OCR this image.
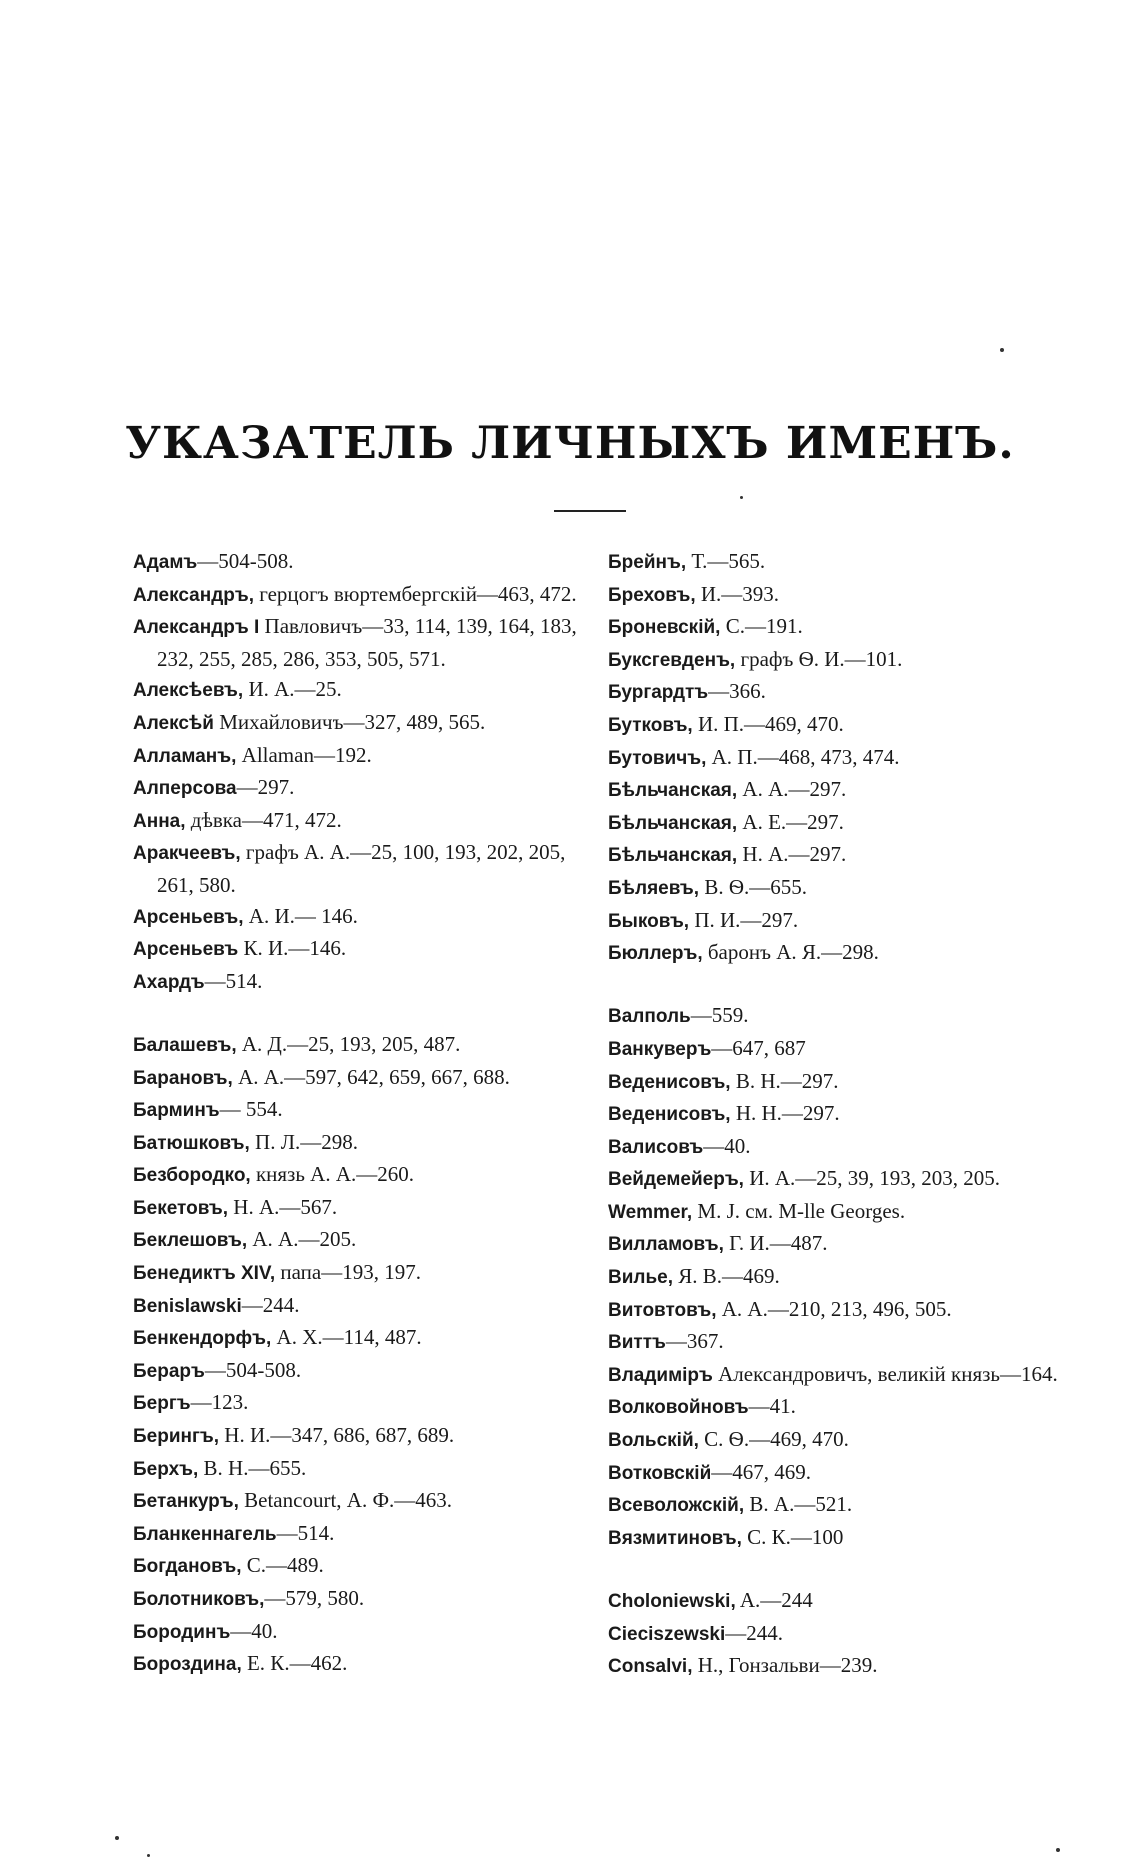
УКАЗАТЕЛЬ ЛИЧНЫХЪ ИМЕНЪ.
Адамъ—504-508.
Александръ, герцогъ вюртембергскій—463, 472.
Александръ I Павловичъ—33, 114, 139, 164, 183, 232, 255, 285, 286, 353, 505, 571.
Алексѣевъ, И. А.—25.
Алексѣй Михайловичъ—327, 489, 565.
Алламанъ, Allaman—192.
Алперсова—297.
Анна, дѣвка—471, 472.
Аракчеевъ, графъ А. А.—25, 100, 193, 202, 205, 261, 580.
Арсеньевъ, А. И.— 146.
Арсеньевъ К. И.—146.
Ахардъ—514.
Балашевъ, А. Д.—25, 193, 205, 487.
Барановъ, А. А.—597, 642, 659, 667, 688.
Барминъ— 554.
Батюшковъ, П. Л.—298.
Безбородко, князь А. А.—260.
Бекетовъ, Н. А.—567.
Беклешовъ, А. А.—205.
Бенедиктъ XIV, папа—193, 197.
Benislawski—244.
Бенкендорфъ, А. Х.—114, 487.
Бераръ—504-508.
Бергъ—123.
Берингъ, Н. И.—347, 686, 687, 689.
Берхъ, В. Н.—655.
Бетанкуръ, Betancourt, А. Ф.—463.
Бланкеннагель—514.
Богдановъ, С.—489.
Болотниковъ,—579, 580.
Бородинъ—40.
Бороздина, Е. К.—462.
Брейнъ, Т.—565.
Бреховъ, И.—393.
Броневскій, С.—191.
Буксгевденъ, графъ Ѳ. И.—101.
Бургардтъ—366.
Бутковъ, И. П.—469, 470.
Бутовичъ, А. П.—468, 473, 474.
Бѣльчанская, А. А.—297.
Бѣльчанская, А. Е.—297.
Бѣльчанская, Н. А.—297.
Бѣляевъ, В. Ѳ.—655.
Быковъ, П. И.—297.
Бюллеръ, баронъ А. Я.—298.
Валполь—559.
Ванкуверъ—647, 687
Веденисовъ, В. Н.—297.
Веденисовъ, Н. Н.—297.
Валисовъ—40.
Вейдемейеръ, И. А.—25, 39, 193, 203, 205.
Wemmer, M. J. см. M-lle Georges.
Вилламовъ, Г. И.—487.
Вилье, Я. В.—469.
Витовтовъ, А. А.—210, 213, 496, 505.
Виттъ—367.
Владиміръ Александровичъ, великій князь—164.
Волковойновъ—41.
Вольскій, С. Ѳ.—469, 470.
Вотковскій—467, 469.
Всеволожскій, В. А.—521.
Вязмитиновъ, С. К.—100
Choloniewski, A.—244
Cieciszewski—244.
Consalvi, Н., Гонзальви—239.
